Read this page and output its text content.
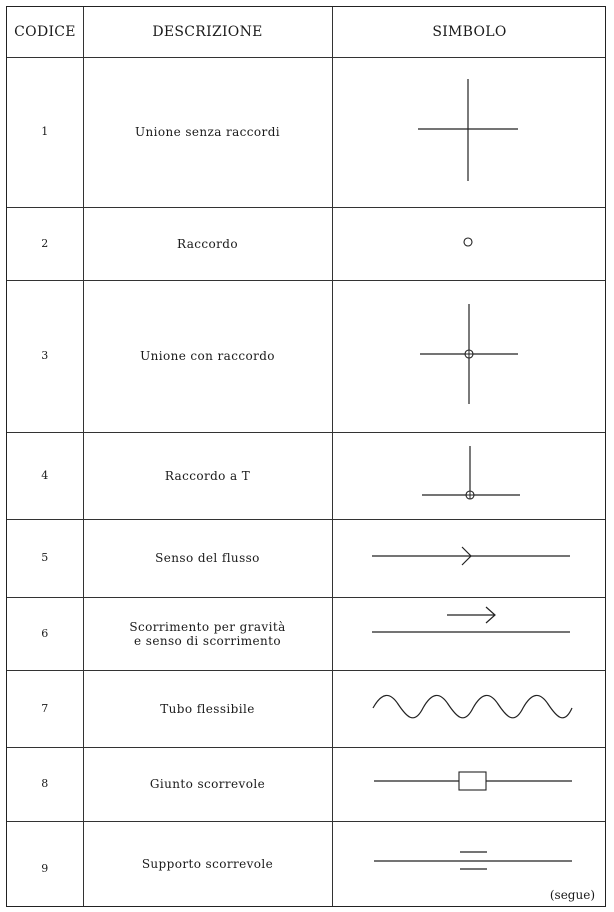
CODICE	DESCRIZIONE	SIMBOLO
1	Unione senza raccordi
2	Raccordo
3	Unione con raccordo
4	Raccordo a T
5	Senso del flusso
6	Scorrimento per gravità
e senso di scorrimento
7	Tubo flessibile
8	Giunto scorrevole
9	Supporto scorrevole
(segue)
